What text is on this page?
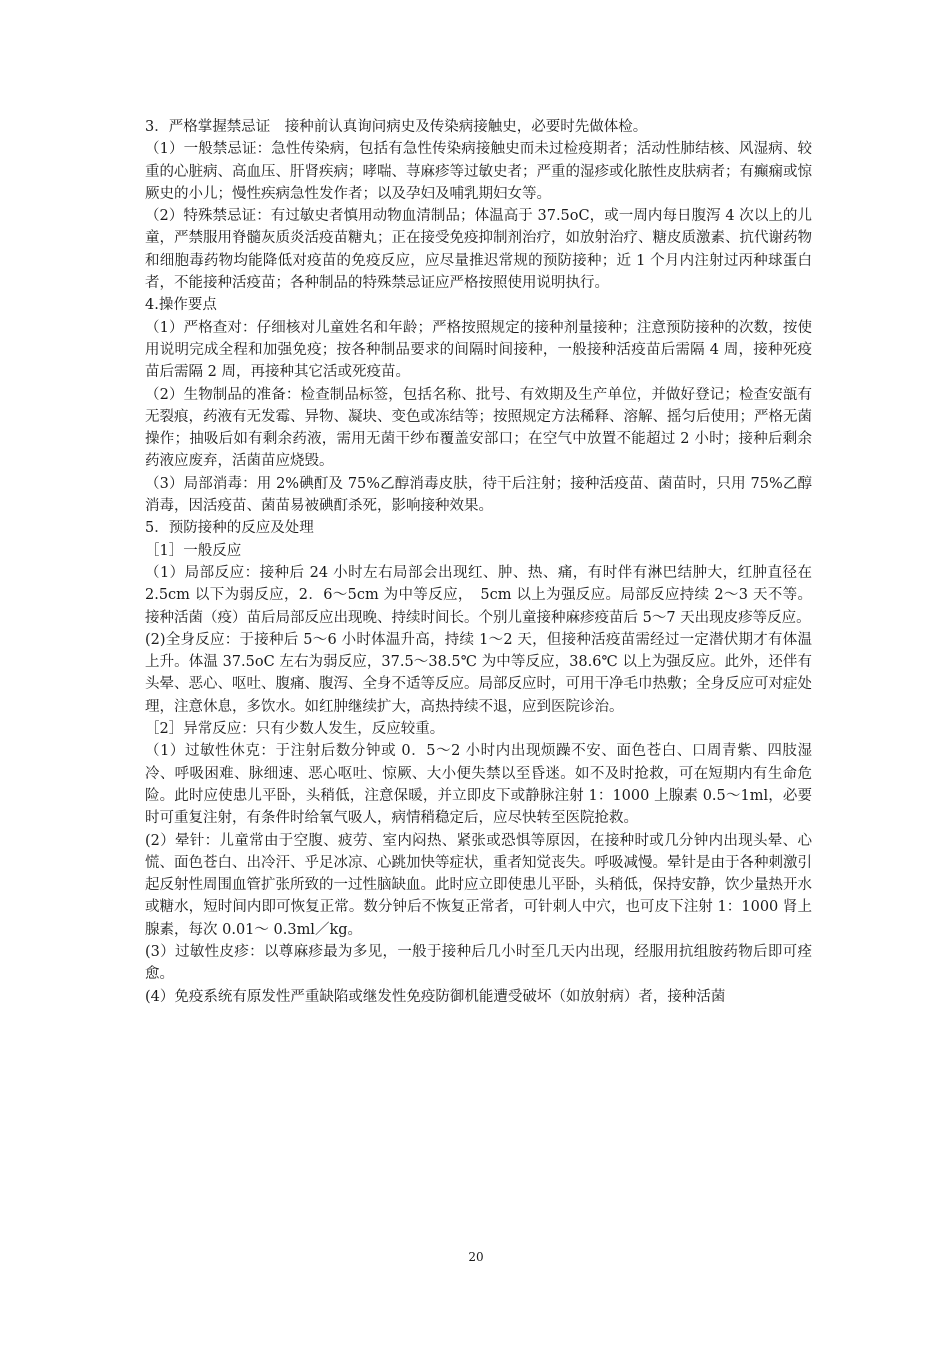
3．严格掌握禁忌证　接种前认真询问病史及传染病接触史，必要时先做体检。

（1）一般禁忌证：急性传染病，包括有急性传染病接触史而未过检疫期者；活动性肺结核、风湿病、较重的心脏病、高血压、肝肾疾病；哮喘、荨麻疹等过敏史者；严重的湿疹或化脓性皮肤病者；有癫痫或惊厥史的小儿；慢性疾病急性发作者；以及孕妇及哺乳期妇女等。

（2）特殊禁忌证：有过敏史者慎用动物血清制品；体温高于 37.5oC，或一周内每日腹泻 4 次以上的儿童，严禁服用脊髓灰质炎活疫苗糖丸；正在接受免疫抑制剂治疗，如放射治疗、糖皮质激素、抗代谢药物和细胞毒药物均能降低对疫苗的免疫反应，应尽量推迟常规的预防接种；近 1 个月内注射过丙种球蛋白者，不能接种活疫苗；各种制品的特殊禁忌证应严格按照使用说明执行。

4.操作要点

（1）严格查对：仔细核对儿童姓名和年龄；严格按照规定的接种剂量接种；注意预防接种的次数，按使用说明完成全程和加强免疫；按各种制品要求的间隔时间接种，一般接种活疫苗后需隔 4 周，接种死疫苗后需隔 2 周，再接种其它活或死疫苗。

（2）生物制品的准备：检查制品标签，包括名称、批号、有效期及生产单位，并做好登记；检查安瓿有无裂痕，药液有无发霉、异物、凝块、变色或冻结等；按照规定方法稀释、溶解、摇匀后使用；严格无菌操作；抽吸后如有剩余药液，需用无菌干纱布覆盖安部口；在空气中放置不能超过 2 小时；接种后剩余药液应废弃，活菌苗应烧毁。

（3）局部消毒：用 2%碘酊及 75%乙醇消毒皮肤，待干后注射；接种活疫苗、菌苗时，只用 75%乙醇消毒，因活疫苗、菌苗易被碘酊杀死，影响接种效果。

5．预防接种的反应及处理

［1］一般反应

（1）局部反应：接种后 24 小时左右局部会出现红、肿、热、痛，有时伴有淋巴结肿大，红肿直径在 2.5cm 以下为弱反应，2．6～5cm 为中等反应，　5cm 以上为强反应。局部反应持续 2～3 天不等。接种活菌（疫）苗后局部反应出现晚、持续时间长。个别儿童接种麻疹疫苗后 5～7 天出现皮疹等反应。

(2)全身反应：于接种后 5～6 小时体温升高，持续 1～2 天，但接种活疫苗需经过一定潜伏期才有体温上升。体温 37.5oC 左右为弱反应，37.5～38.5℃ 为中等反应，38.6℃ 以上为强反应。此外，还伴有头晕、恶心、呕吐、腹痛、腹泻、全身不适等反应。局部反应时，可用干净毛巾热敷；全身反应可对症处理，注意休息，多饮水。如红肿继续扩大，高热持续不退，应到医院诊治。

［2］异常反应：只有少数人发生，反应较重。

（1）过敏性休克：于注射后数分钟或 0．5～2 小时内出现烦躁不安、面色苍白、口周青紫、四肢湿冷、呼吸困难、脉细速、恶心呕吐、惊厥、大小便失禁以至昏迷。如不及时抢救，可在短期内有生命危险。此时应使患儿平卧，头稍低，注意保暖，并立即皮下或静脉注射 1：1000 上腺素 0.5～1ml，必要时可重复注射，有条件时给氧气吸人，病情稍稳定后，应尽快转至医院抢救。

(2）晕针：儿童常由于空腹、疲劳、室内闷热、紧张或恐惧等原因，在接种时或几分钟内出现头晕、心慌、面色苍白、出冷汗、乎足冰凉、心跳加快等症状，重者知觉丧失。呼吸减慢。晕针是由于各种刺激引起反射性周围血管扩张所致的一过性脑缺血。此时应立即使患儿平卧，头稍低，保持安静，饮少量热开水或糖水，短时间内即可恢复正常。数分钟后不恢复正常者，可针刺人中穴，也可皮下注射 1：1000 肾上腺素，每次 0.01～ 0.3ml／kg。

(3）过敏性皮疹：以尊麻疹最为多见，一般于接种后几小时至几天内出现，经服用抗组胺药物后即可痊愈。

(4）免疫系统有原发性严重缺陷或继发性免疫防御机能遭受破坏（如放射病）者，接种活菌

20
